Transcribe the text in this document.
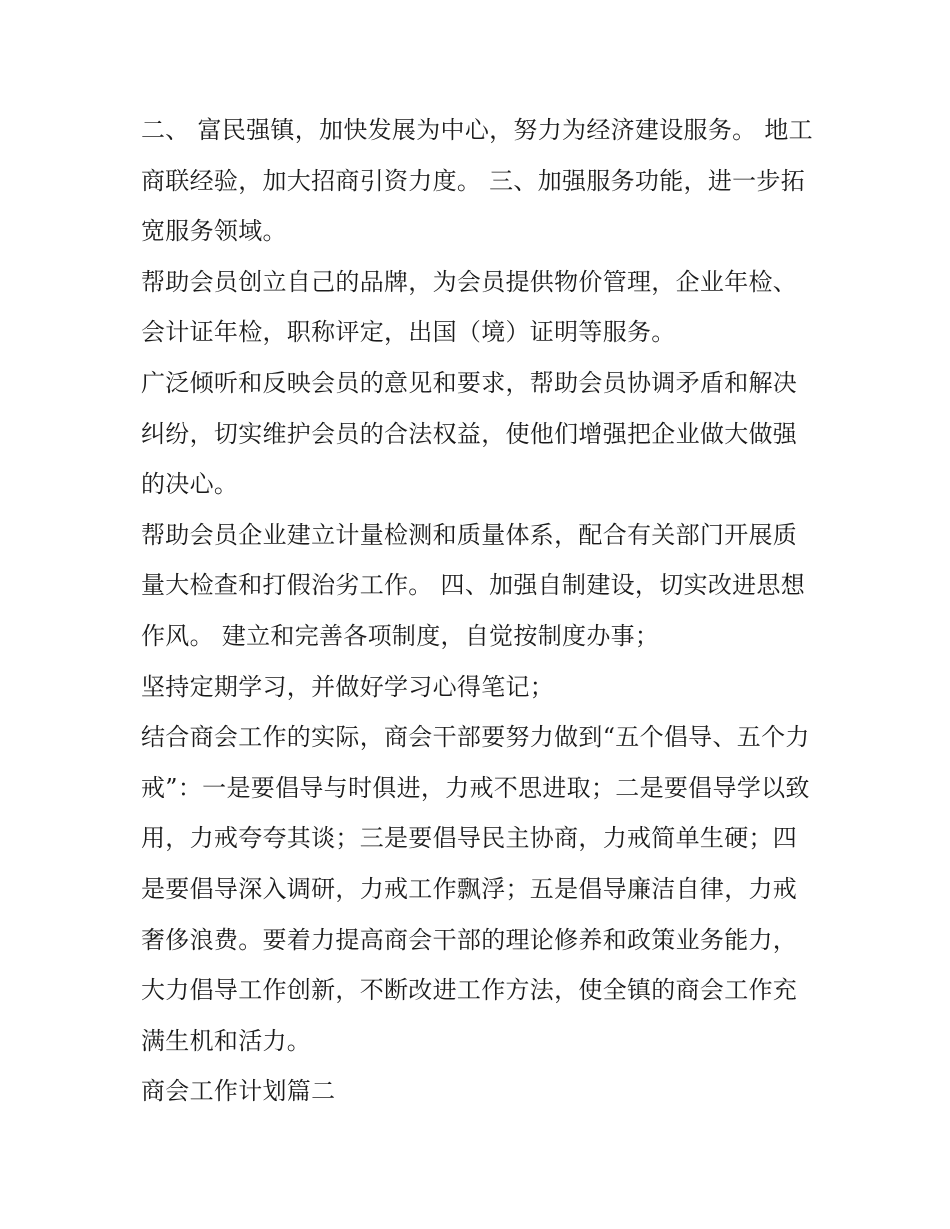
二、 富民强镇，加快发展为中心，努力为经济建设服务。 地工商联经验，加大招商引资力度。 三、加强服务功能，进一步拓宽服务领域。

帮助会员创立自己的品牌，为会员提供物价管理，企业年检、会计证年检，职称评定，出国（境）证明等服务。

广泛倾听和反映会员的意见和要求，帮助会员协调矛盾和解决纠纷，切实维护会员的合法权益，使他们增强把企业做大做强的决心。

帮助会员企业建立计量检测和质量体系，配合有关部门开展质量大检查和打假治劣工作。 四、加强自制建设，切实改进思想作风。 建立和完善各项制度，自觉按制度办事；

坚持定期学习，并做好学习心得笔记；

结合商会工作的实际，商会干部要努力做到“五个倡导、五个力戒”：一是要倡导与时俱进，力戒不思进取；二是要倡导学以致用，力戒夸夸其谈；三是要倡导民主协商，力戒简单生硬；四是要倡导深入调研，力戒工作飘浮；五是倡导廉洁自律，力戒奢侈浪费。要着力提高商会干部的理论修养和政策业务能力，大力倡导工作创新，不断改进工作方法，使全镇的商会工作充满生机和活力。

商会工作计划篇二
